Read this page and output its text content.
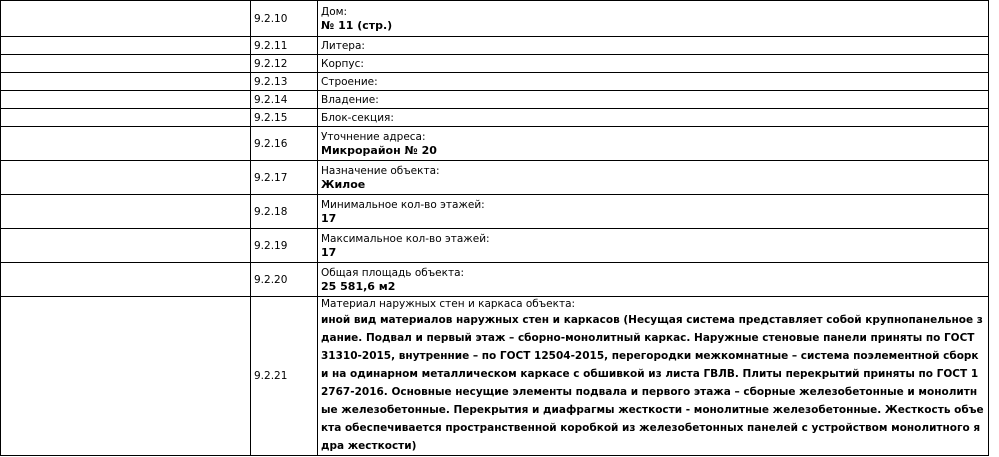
	9.2.10	Дом:
№ 11 (стр.)

	9.2.11	Литера:

	9.2.12	Корпус:

	9.2.13	Строение:

	9.2.14	Владение:

	9.2.15	Блок-секция:

	9.2.16	Уточнение адреса:
Микрорайон № 20

	9.2.17	Назначение объекта:
Жилое

	9.2.18	Минимальное кол-во этажей:
17

	9.2.19	Максимальное кол-во этажей:
17

	9.2.20	Общая площадь объекта:
25 581,6 м2

	9.2.21	Материал наружных стен и каркаса объекта:
иной вид материалов наружных стен и каркасов (Несущая система представляет собой крупнопанельное здание. Подвал и первый этаж – сборно-монолитный каркас. Наружные стеновые панели приняты по ГОСТ 31310-2015, внутренние – по ГОСТ 12504-2015, перегородки межкомнатные – система поэлементной сборки на одинарном металлическом каркасе с обшивкой из листа ГВЛВ. Плиты перекрытий приняты по ГОСТ 12767-2016. Основные несущие элементы подвала и первого этажа – сборные железобетонные и монолитные железобетонные. Перекрытия и диафрагмы жесткости - монолитные железобетонные. Жесткость объекта обеспечивается пространственной коробкой из железобетонных панелей с устройством монолитного ядра жесткости)
